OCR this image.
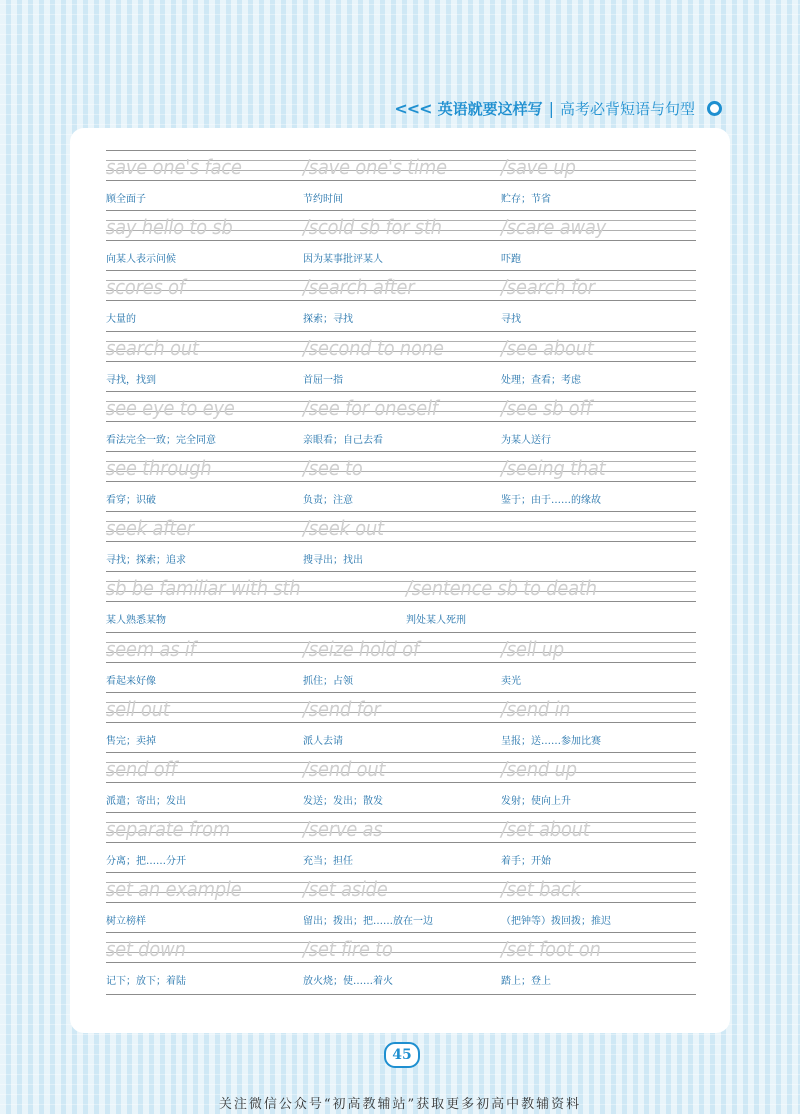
<<< 英语就要这样写 | 高考必背短语与句型
save one's face
顾全面子
/save one's time
节约时间
/save up
贮存；节省
say hello to sb
向某人表示问候
/scold sb for sth
因为某事批评某人
/scare away
吓跑
scores of
大量的
/search after
探索；寻找
/search for
寻找
search out
寻找，找到
/second to none
首屈一指
/see about
处理；查看；考虑
see eye to eye
看法完全一致；完全同意
/see for oneself
亲眼看；自己去看
/see sb off
为某人送行
see through
看穿；识破
/see to
负责；注意
/seeing that
鉴于；由于……的缘故
seek after
寻找；探索；追求
/seek out
搜寻出；找出
sb be familiar with sth
某人熟悉某物
/sentence sb to death
判处某人死刑
seem as if
看起来好像
/seize hold of
抓住；占领
/sell up
卖光
sell out
售完；卖掉
/send for
派人去请
/send in
呈报；送……参加比赛
send off
派遣；寄出；发出
/send out
发送；发出；散发
/send up
发射；使向上升
separate from
分离；把……分开
/serve as
充当；担任
/set about
着手；开始
set an example
树立榜样
/set aside
留出；拨出；把……放在一边
/set back
（把钟等）拨回拨；推迟
set down
记下；放下；着陆
/set fire to
放火烧；使……着火
/set foot on
踏上；登上
45
关注微信公众号“初高教辅站”获取更多初高中教辅资料
